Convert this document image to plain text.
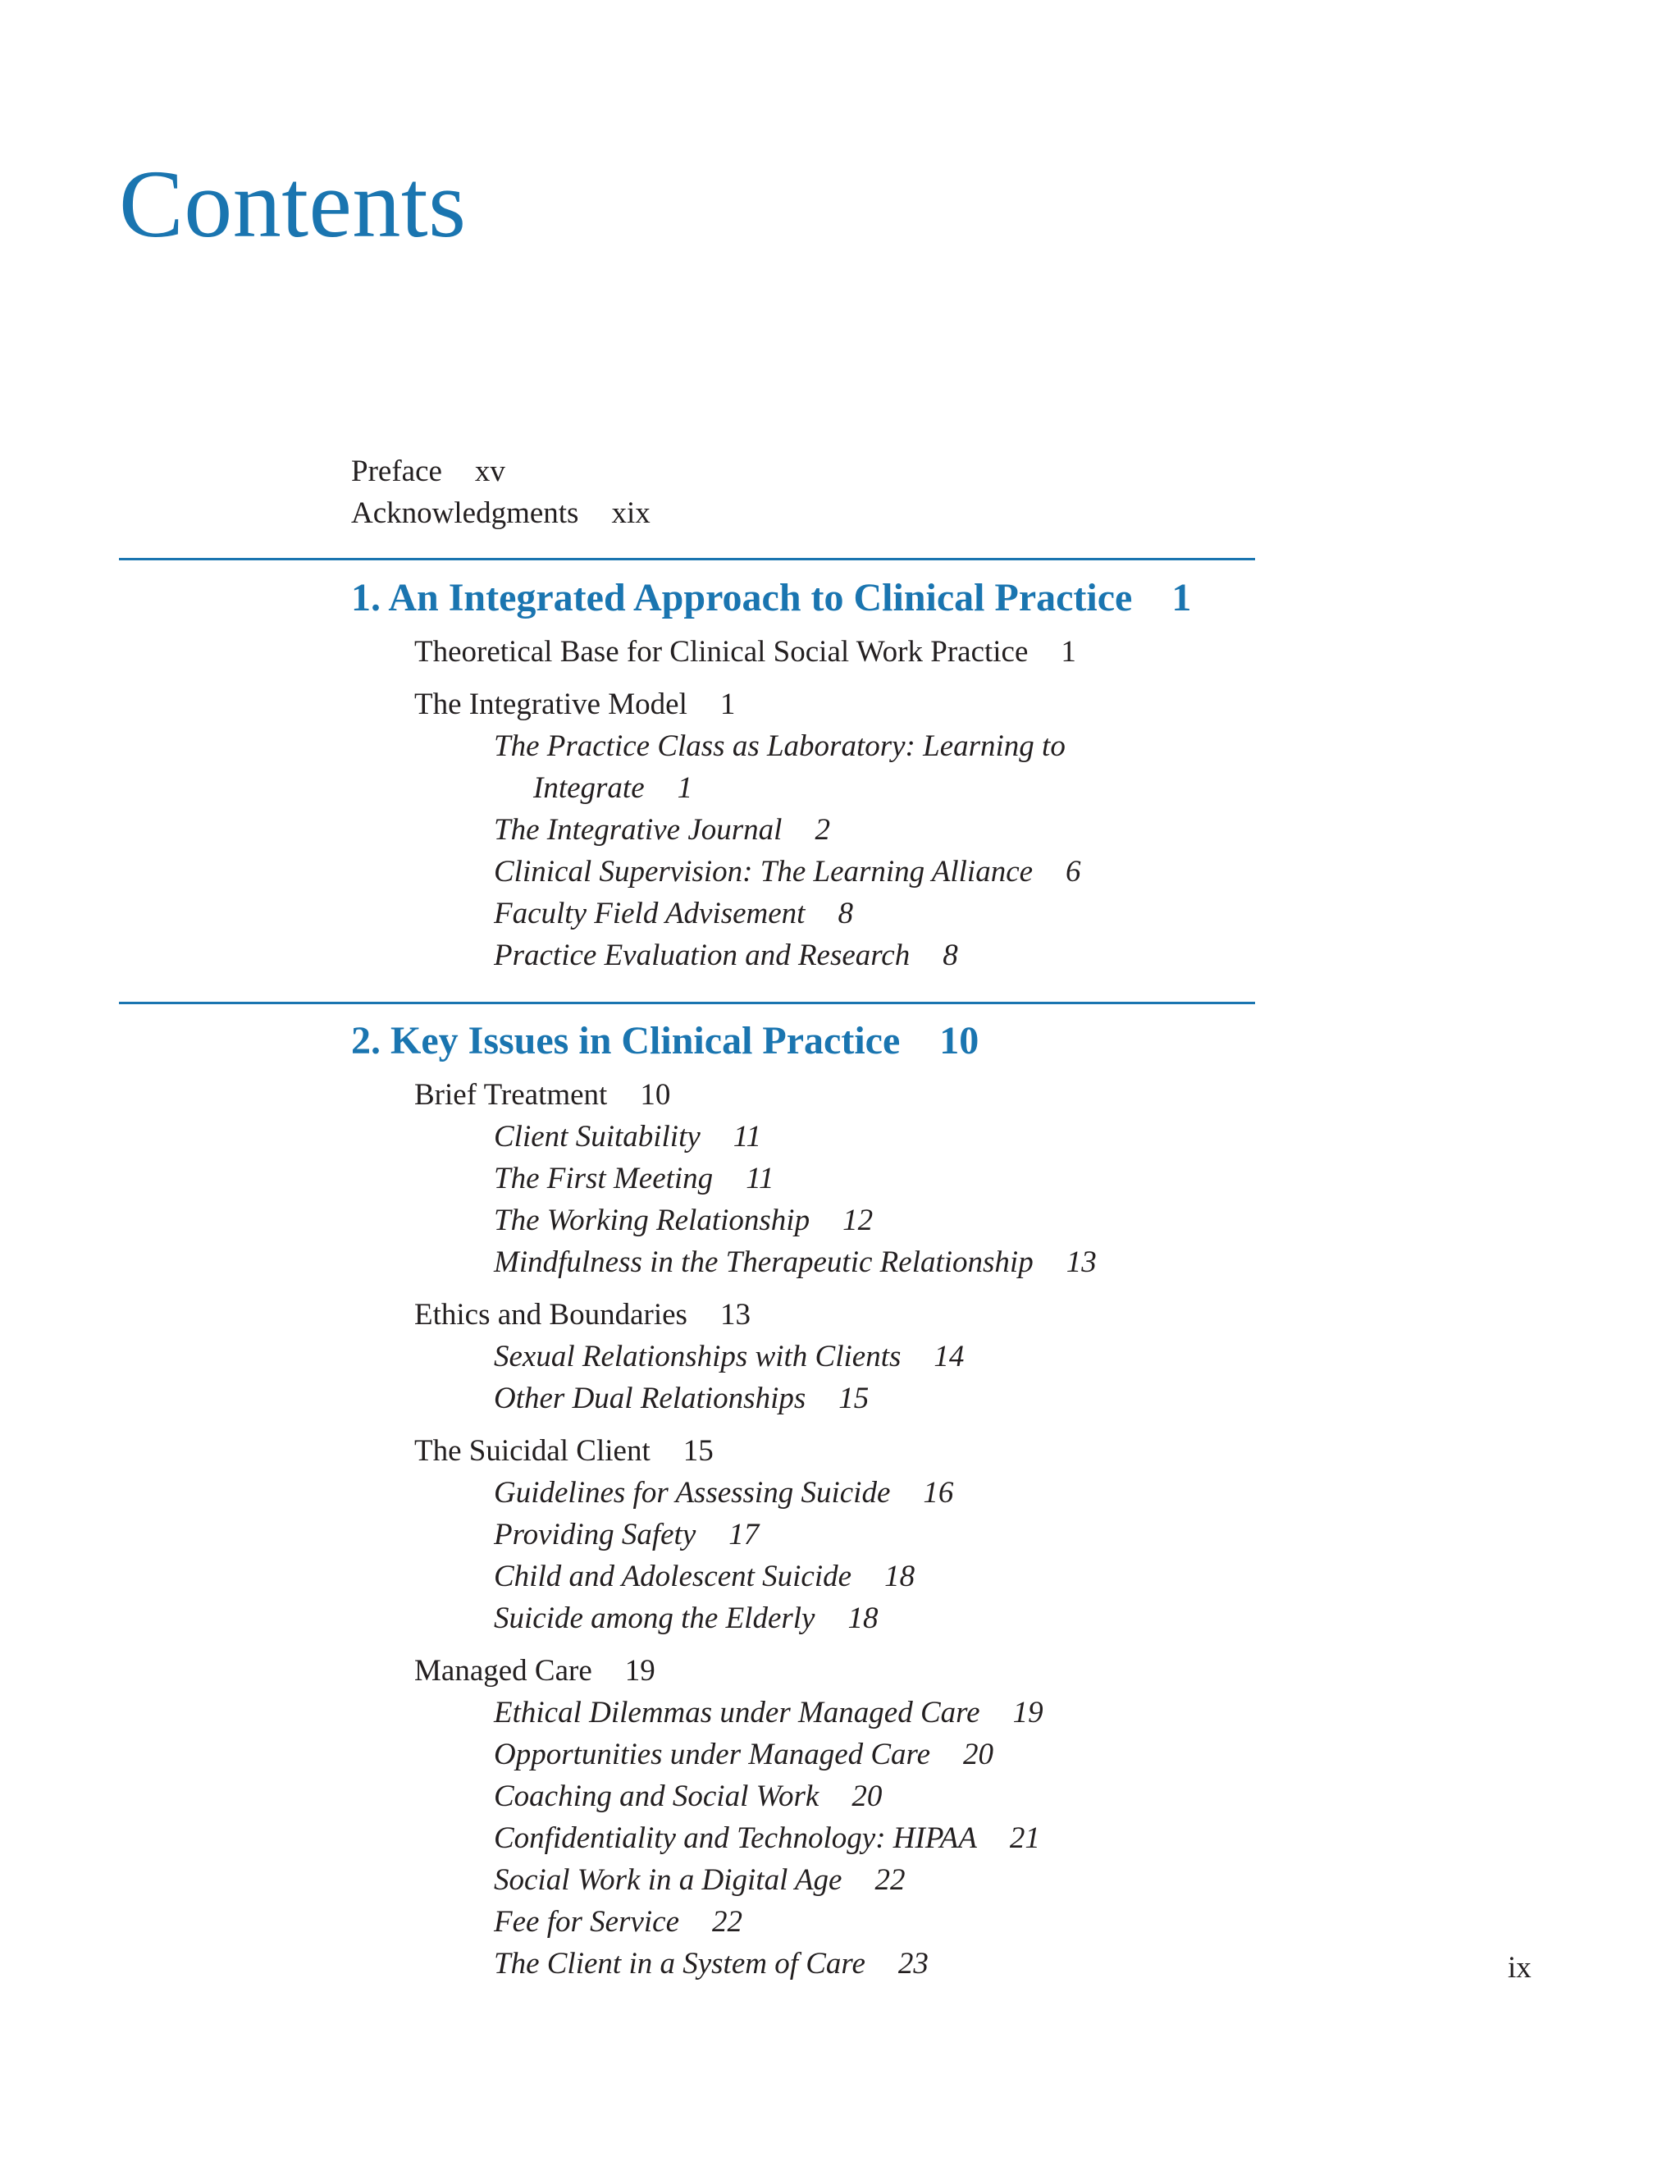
Contents
Preface xv
Acknowledgments xix
1. An Integrated Approach to Clinical Practice 1
Theoretical Base for Clinical Social Work Practice 1
The Integrative Model 1
The Practice Class as Laboratory: Learning to
Integrate 1
The Integrative Journal 2
Clinical Supervision: The Learning Alliance 6
Faculty Field Advisement 8
Practice Evaluation and Research 8
2. Key Issues in Clinical Practice 10
Brief Treatment 10
Client Suitability 11
The First Meeting 11
The Working Relationship 12
Mindfulness in the Therapeutic Relationship 13
Ethics and Boundaries 13
Sexual Relationships with Clients 14
Other Dual Relationships 15
The Suicidal Client 15
Guidelines for Assessing Suicide 16
Providing Safety 17
Child and Adolescent Suicide 18
Suicide among the Elderly 18
Managed Care 19
Ethical Dilemmas under Managed Care 19
Opportunities under Managed Care 20
Coaching and Social Work 20
Confidentiality and Technology: HIPAA 21
Social Work in a Digital Age 22
Fee for Service 22
The Client in a System of Care 23	ix
